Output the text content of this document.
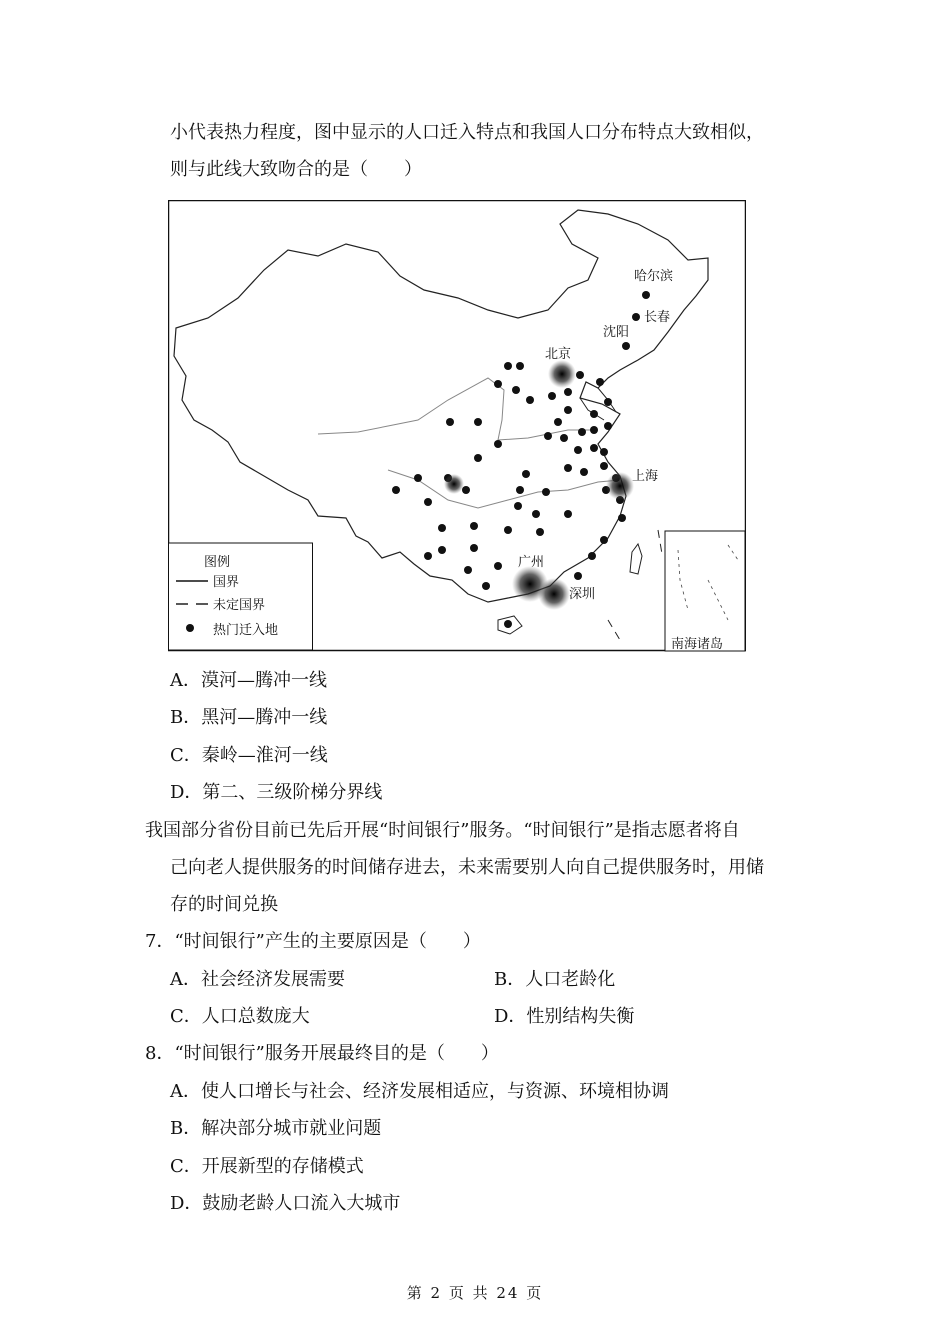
小代表热力程度，图中显示的人口迁入特点和我国人口分布特点大致相似，
则与此线大致吻合的是（　　）
南海诸岛
哈尔滨
长春
沈阳
北京
上海
广州
深圳
图例
国界
未定国界
热门迁入地
A．漠河—腾冲一线
B．黑河—腾冲一线
C．秦岭—淮河一线
D．第二、三级阶梯分界线
我国部分省份目前已先后开展“时间银行”服务。“时间银行”是指志愿者将自
己向老人提供服务的时间储存进去，未来需要别人向自己提供服务时，用储
存的时间兑换
7．“时间银行”产生的主要原因是（　　）
A．社会经济发展需要	B．人口老龄化
C．人口总数庞大	D．性别结构失衡
8．“时间银行”服务开展最终目的是（　　）
A．使人口增长与社会、经济发展相适应，与资源、环境相协调
B．解决部分城市就业问题
C．开展新型的存储模式
D．鼓励老龄人口流入大城市
第 2 页 共 24 页
